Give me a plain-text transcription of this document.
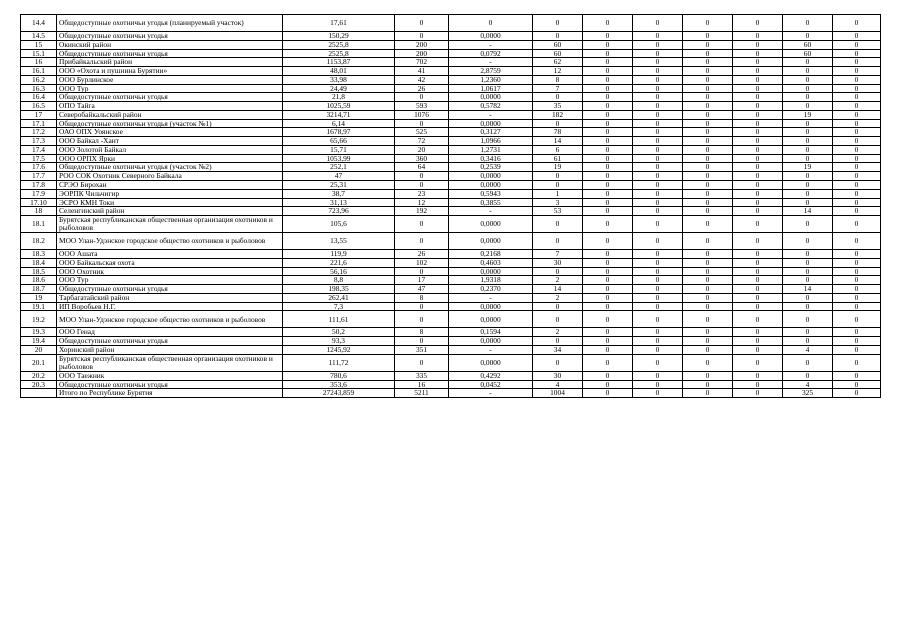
14.4	Общедоступные охотничьи угодья (планируемый участок)	17,61	0	0	0	0	0	0	0	0	0
14.5	Общедоступные охотничьи угодья	150,29	0	0,0000	0	0	0	0	0	0	0
15	Окинский район	2525,8	200	-	60	0	0	0	0	60	0
15.1	Общедоступные охотничьи угодья	2525,8	200	0,0792	60	0	0	0	0	60	0
16	Прибайкальский район	1153,87	702	-	62	0	0	0	0	0	0
16.1	ООО «Охота и пушнина Бурятии»	48,01	41	2,8759	12	0	0	0	0	0	0
16.2	ООО Бурлинское	33,98	42	1,2360	8	0	0	0	0	0	0
16.3	ООО Тур	24,49	26	1,0617	7	0	0	0	0	0	0
16.4	Общедоступные охотничьи угодья	21,8	0	0,0000	0	0	0	0	0	0	0
16.5	ОПО Тайга	1025,59	593	0,5782	35	0	0	0	0	0	0
17	Северобайкальский район	3214,71	1076	-	182	0	0	0	0	19	0
17.1	Общедоступные охотничьи угодья (участок №1)	6,14	0	0,0000	0	0	0	0	0	0	0
17.2	ОАО ОПХ Уоянское	1678,97	525	0,3127	78	0	0	0	0	0	0
17.3	ООО Байкал -Хант	65,66	72	1,0966	14	0	0	0	0	0	0
17.4	ООО Золотой Байкал	15,71	20	1,2731	6	0	0	0	0	0	0
17.5	ООО ОРПХ Ярки	1053,99	360	0,3416	61	0	0	0	0	0	0
17.6	Общедоступные охотничьи угодья (участок №2)	252,1	64	0,2539	19	0	0	0	0	19	0
17.7	РОО СОК Охотник Северного Байкала	47	0	0,0000	0	0	0	0	0	0	0
17.8	СРЭО Бирохан	25,31	0	0,0000	0	0	0	0	0	0	0
17.9	ЭОРПК Чильчигир	38,7	23	0,5943	1	0	0	0	0	0	0
17.10	ЭСРО КМН Токи	31,13	12	0,3855	3	0	0	0	0	0	0
18	Селенгинский район	723,96	192	-	53	0	0	0	0	14	0
18.1	Бурятская республиканская общественная организация охотников и рыболовов	105,6	0	0,0000	0	0	0	0	0	0	0
18.2	МОО Улан-Удэнское городское общество охотников и рыболовов	13,55	0	0,0000	0	0	0	0	0	0	0
18.3	ООО Ашата	119,9	26	0,2168	7	0	0	0	0	0	0
18.4	ООО Байкальская охота	221,6	102	0,4603	30	0	0	0	0	0	0
18.5	ООО Охотник	56,16	0	0,0000	0	0	0	0	0	0	0
18.6	ООО Тур	8,8	17	1,9318	2	0	0	0	0	0	0
18.7	Общедоступные охотничьи угодья	198,35	47	0,2370	14	0	0	0	0	14	0
19	Тарбагатайский район	262,41	8	-	2	0	0	0	0	0	0
19.1	ИП Воробьев Н.Г.	7,3	0	0,0000	0	0	0	0	0	0	0
19.2	МОО Улан-Удэнское городское общество охотников и рыболовов	111,61	0	0,0000	0	0	0	0	0	0	0
19.3	ООО Генад	50,2	8	0,1594	2	0	0	0	0	0	0
19.4	Общедоступные охотничьи угодья	93,3	0	0,0000	0	0	0	0	0	0	0
20	Хоринский район	1245,92	351	-	34	0	0	0	0	4	0
20.1	Бурятская республиканская общественная организация охотников и рыболовов	111,72	0	0,0000	0	0	0	0	0	0	0
20.2	ООО Таежник	780,6	335	0,4292	30	0	0	0	0	0	0
20.3	Общедоступные охотничьи угодья	353,6	16	0,0452	4	0	0	0	0	4	0
	Итого по Республике Бурятия	27243,859	5211	-	1004	0	0	0	0	325	0
